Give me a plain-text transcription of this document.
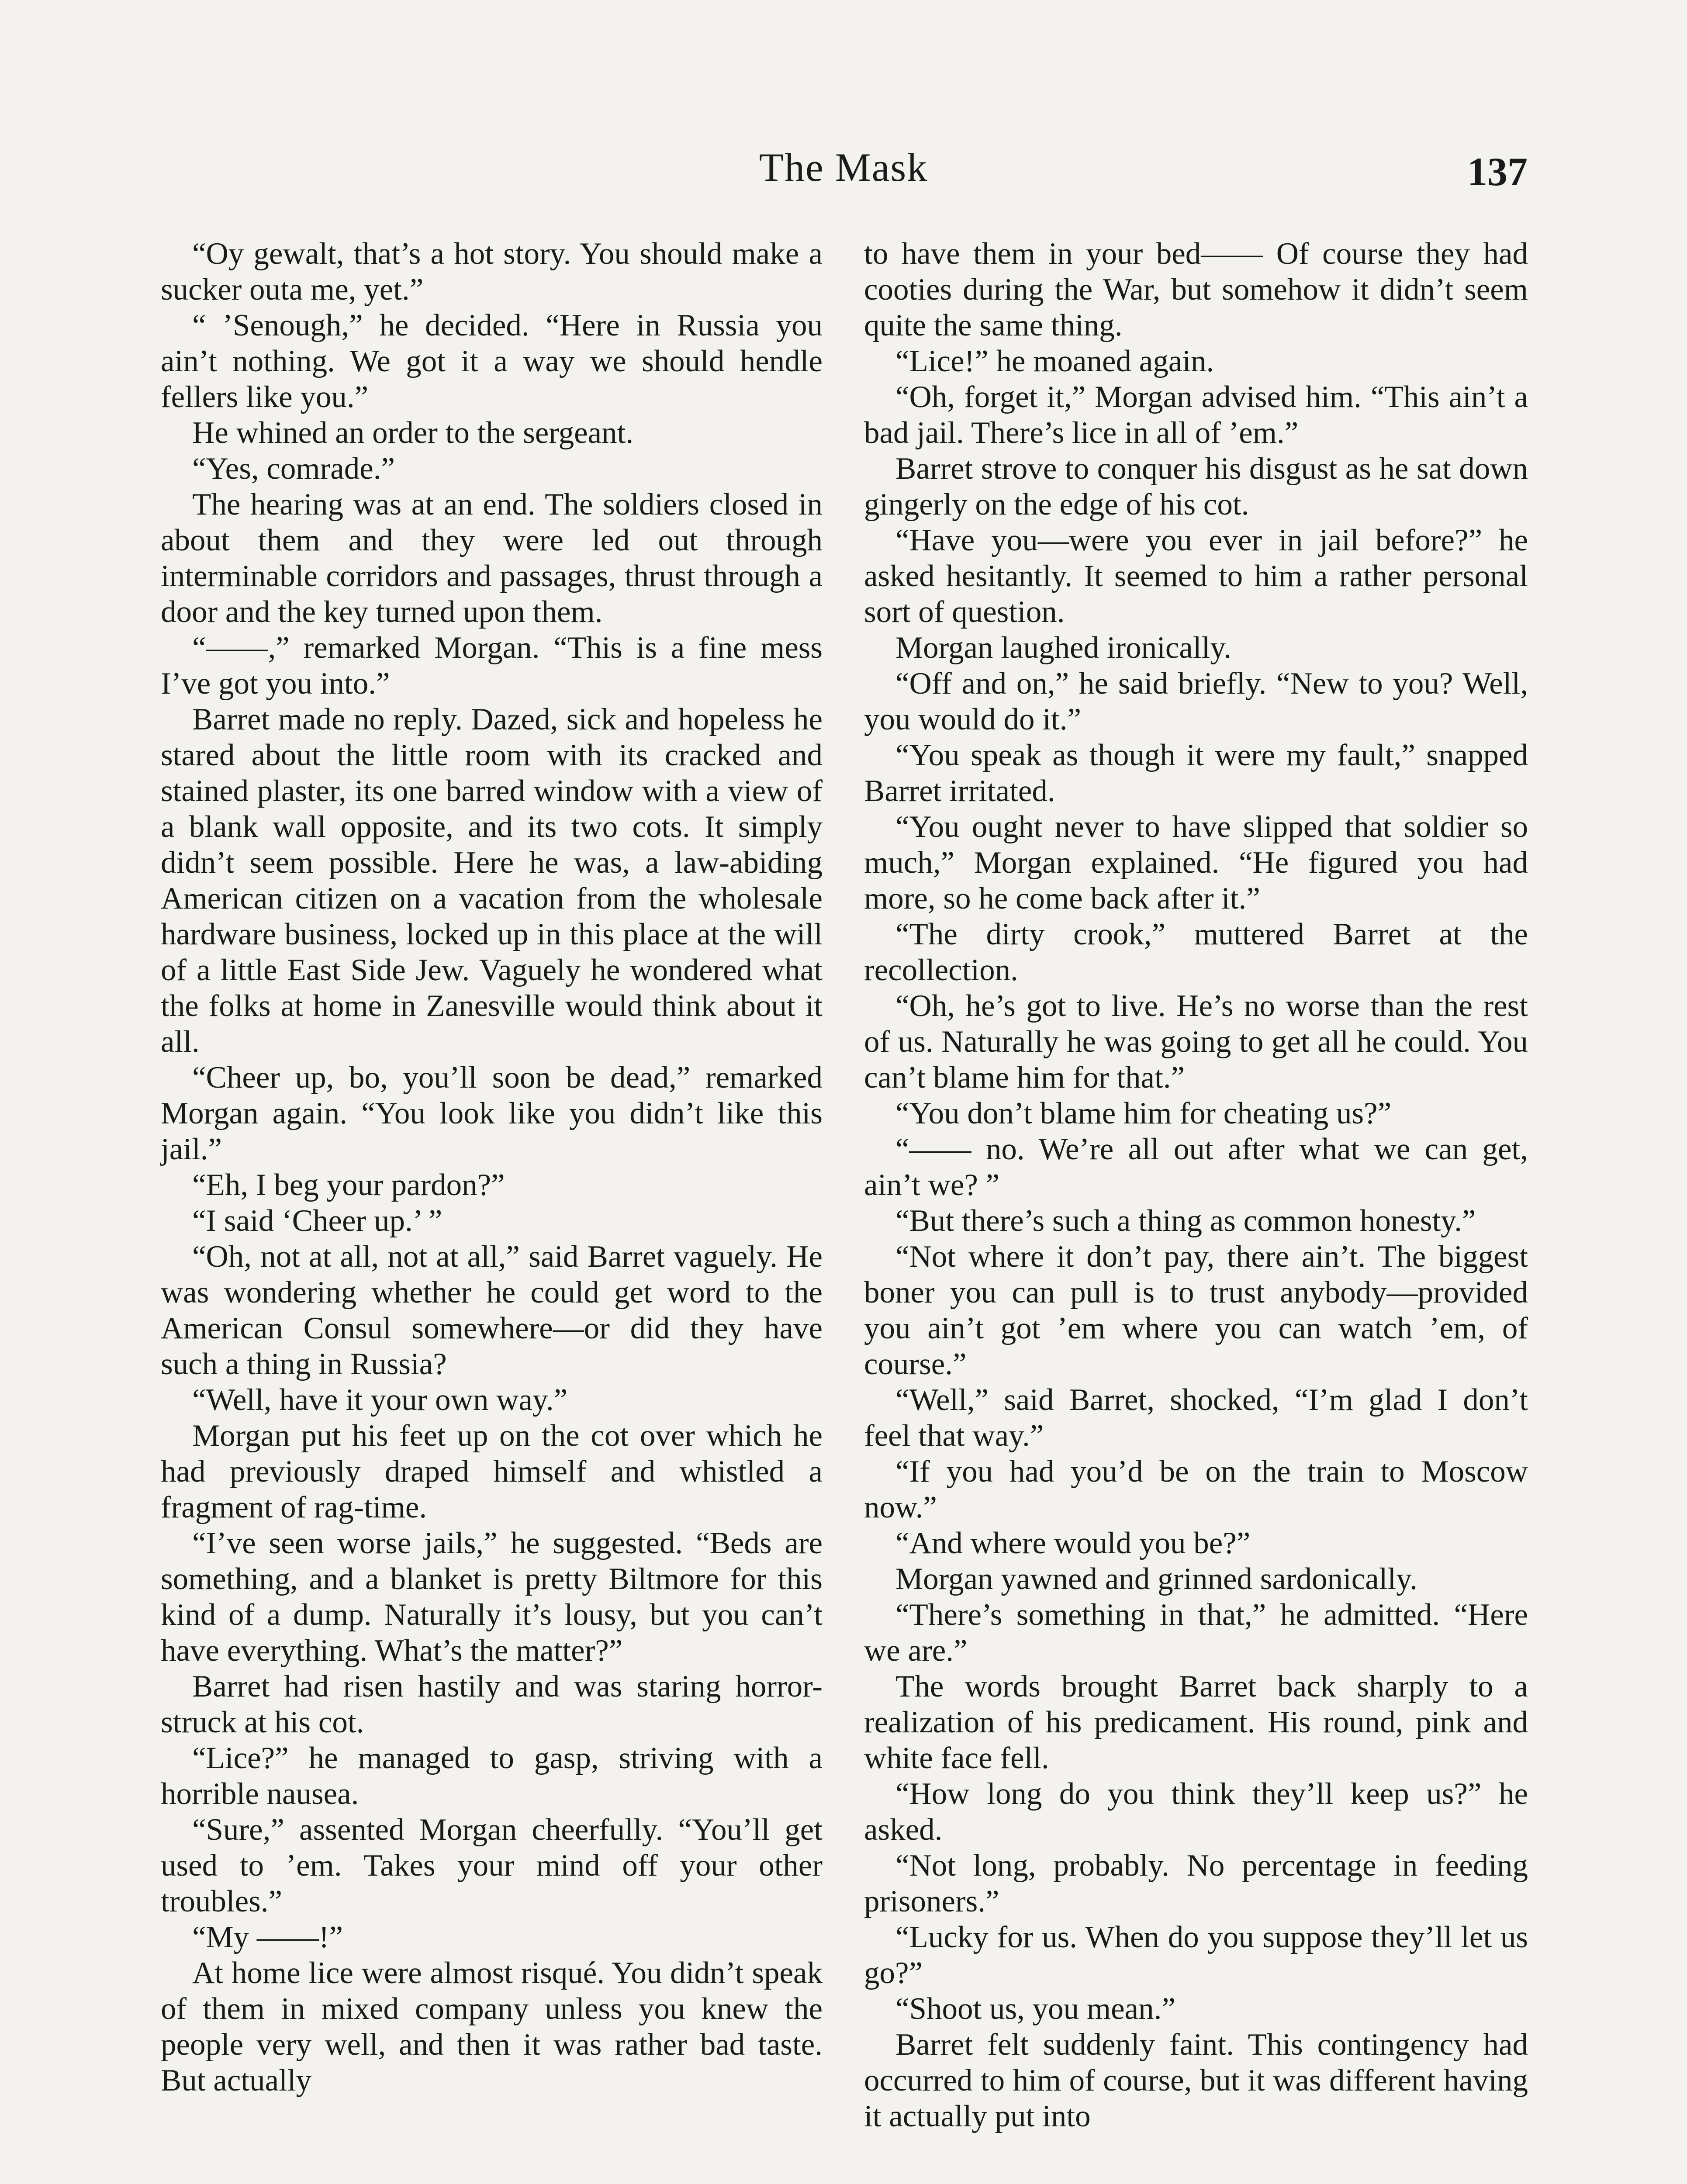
The Mask	137

“Oy gewalt, that’s a hot story. You should make a sucker outa me, yet.”

“ ’Senough,” he decided. “Here in Russia you ain’t nothing. We got it a way we should hendle fellers like you.”

He whined an order to the sergeant.

“Yes, comrade.”

The hearing was at an end. The soldiers closed in about them and they were led out through interminable corridors and passages, thrust through a door and the key turned upon them.

“——,” remarked Morgan. “This is a fine mess I’ve got you into.”

Barret made no reply. Dazed, sick and hopeless he stared about the little room with its cracked and stained plaster, its one barred window with a view of a blank wall opposite, and its two cots. It simply didn’t seem possible. Here he was, a law-abiding American citizen on a vacation from the wholesale hardware business, locked up in this place at the will of a little East Side Jew. Vaguely he wondered what the folks at home in Zanesville would think about it all.

“Cheer up, bo, you’ll soon be dead,” remarked Morgan again. “You look like you didn’t like this jail.”

“Eh, I beg your pardon?”

“I said ‘Cheer up.’ ”

“Oh, not at all, not at all,” said Barret vaguely. He was wondering whether he could get word to the American Consul somewhere—or did they have such a thing in Russia?

“Well, have it your own way.”

Morgan put his feet up on the cot over which he had previously draped himself and whistled a fragment of rag-time.

“I’ve seen worse jails,” he suggested. “Beds are something, and a blanket is pretty Biltmore for this kind of a dump. Naturally it’s lousy, but you can’t have everything. What’s the matter?”

Barret had risen hastily and was staring horror-struck at his cot.

“Lice?” he managed to gasp, striving with a horrible nausea.

“Sure,” assented Morgan cheerfully. “You’ll get used to ’em. Takes your mind off your other troubles.”

“My ——!”

At home lice were almost risqué. You didn’t speak of them in mixed company unless you knew the people very well, and then it was rather bad taste. But actually

to have them in your bed—— Of course they had cooties during the War, but somehow it didn’t seem quite the same thing.

“Lice!” he moaned again.

“Oh, forget it,” Morgan advised him. “This ain’t a bad jail. There’s lice in all of ’em.”

Barret strove to conquer his disgust as he sat down gingerly on the edge of his cot.

“Have you—were you ever in jail before?” he asked hesitantly. It seemed to him a rather personal sort of question.

Morgan laughed ironically.

“Off and on,” he said briefly. “New to you? Well, you would do it.”

“You speak as though it were my fault,” snapped Barret irritated.

“You ought never to have slipped that soldier so much,” Morgan explained. “He figured you had more, so he come back after it.”

“The dirty crook,” muttered Barret at the recollection.

“Oh, he’s got to live. He’s no worse than the rest of us. Naturally he was going to get all he could. You can’t blame him for that.”

“You don’t blame him for cheating us?”

“—— no. We’re all out after what we can get, ain’t we? ”

“But there’s such a thing as common honesty.”

“Not where it don’t pay, there ain’t. The biggest boner you can pull is to trust anybody—provided you ain’t got ’em where you can watch ’em, of course.”

“Well,” said Barret, shocked, “I’m glad I don’t feel that way.”

“If you had you’d be on the train to Moscow now.”

“And where would you be?”

Morgan yawned and grinned sardonically.

“There’s something in that,” he admitted. “Here we are.”

The words brought Barret back sharply to a realization of his predicament. His round, pink and white face fell.

“How long do you think they’ll keep us?” he asked.

“Not long, probably. No percentage in feeding prisoners.”

“Lucky for us. When do you suppose they’ll let us go?”

“Shoot us, you mean.”

Barret felt suddenly faint. This contingency had occurred to him of course, but it was different having it actually put into
